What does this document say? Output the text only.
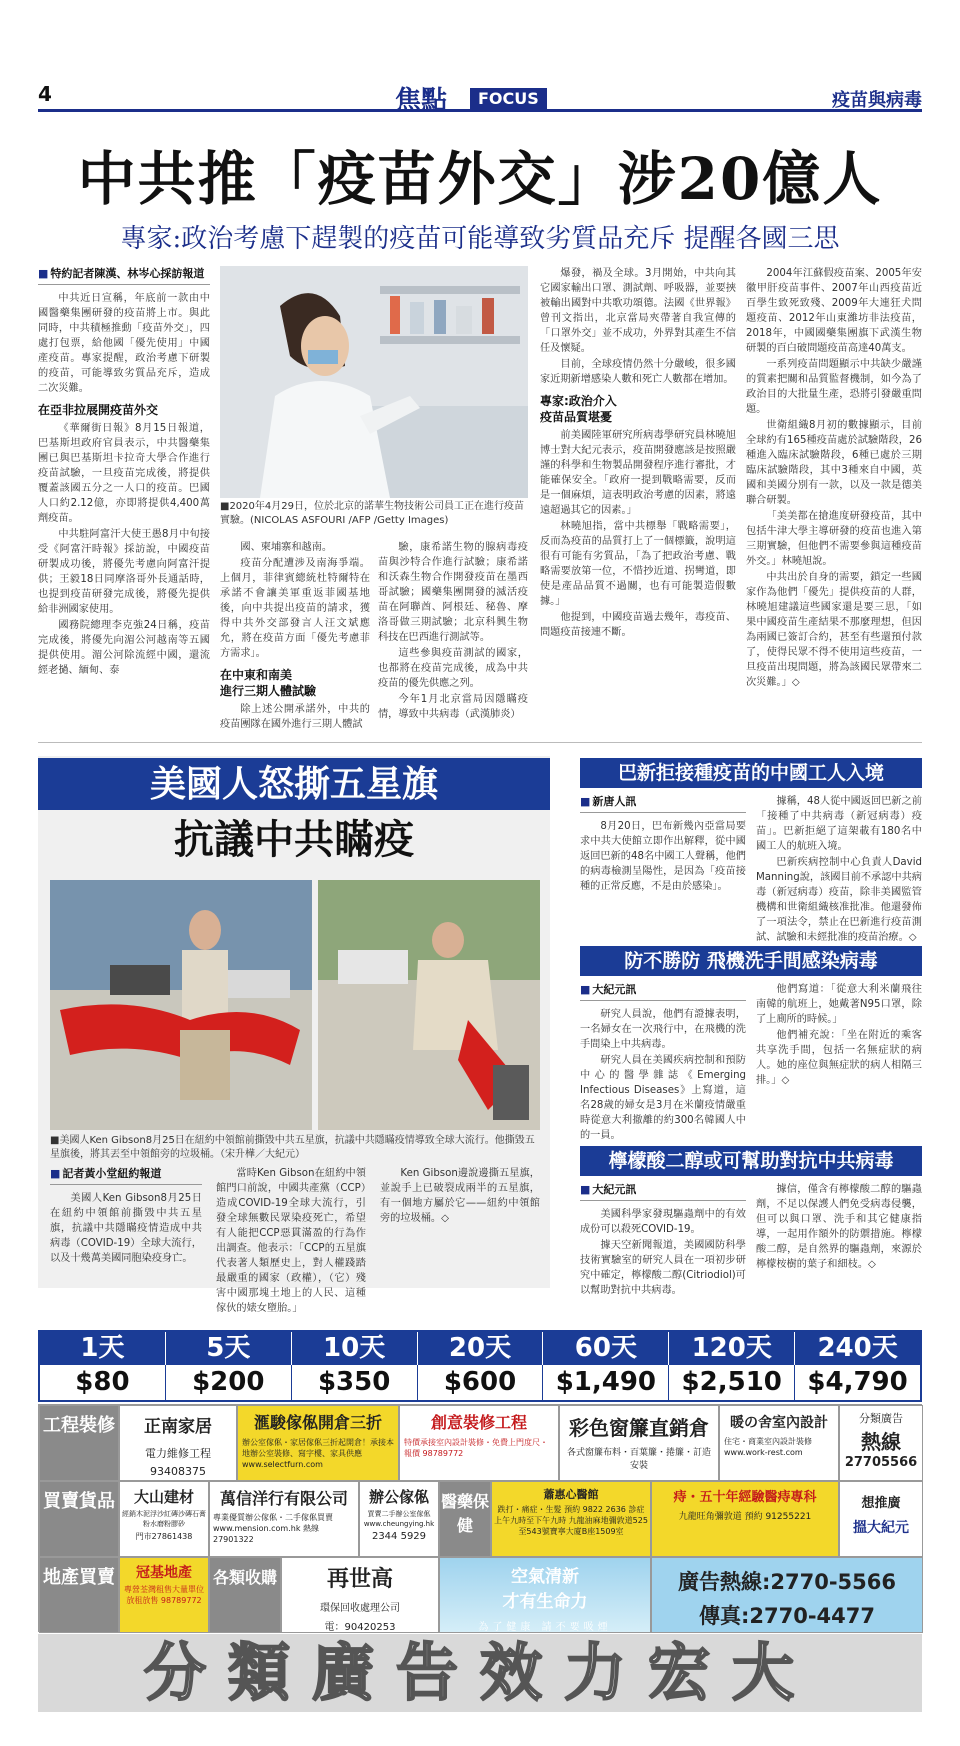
4	焦點	FOCUS	疫苗與病毒
中共推「疫苗外交」涉20億人
專家:政治考慮下趕製的疫苗可能導致劣質品充斥 提醒各國三思
■ 特約記者陳漢、林岑心採訪報道

中共近日宣稱，年底前一款由中國醫藥集團研發的疫苗將上市。與此同時，中共積極推動「疫苗外交」，四處打包票，給他國「優先使用」中國產疫苗。專家提醒，政治考慮下研製的疫苗，可能導致劣質品充斥，造成二次災難。

在亞非拉展開疫苗外交

《華爾街日報》8月15日報道，巴基斯坦政府官員表示，中共醫藥集團已與巴基斯坦卡拉奇大學合作進行疫苗試驗，一旦疫苗完成後，將提供覆蓋該國五分之一人口的疫苗。巴國人口約2.12億，亦即將提供4,400萬劑疫苗。

中共駐阿富汗大使王愚8月中旬接受《阿富汗時報》採訪說，中國疫苗研製成功後，將優先考慮向阿富汗提供；王毅18日同摩洛哥外長通話時，也提到疫苗研發完成後，將優先提供給非洲國家使用。

國務院總理李克強24日稱，疫苗完成後，將優先向湄公河越南等五國提供使用。湄公河除流經中國，還流經老撾、緬甸、泰

■2020年4月29日，位於北京的諾華生物技術公司員工正在進行疫苗實驗。(NICOLAS ASFOURI /AFP /Getty Images)

國、柬埔寨和越南。

疫苗分配遭涉及南海爭端。上個月，菲律賓總統杜特爾特在承諾不會讓美軍重返菲國基地後，向中共提出疫苗的請求，獲得中共外交部發言人汪文斌應允，將在疫苗方面「優先考慮菲方需求」。

在中東和南美
進行三期人體試驗

除上述公開承諾外，中共的疫苗團隊在國外進行三期人體試

驗，康希諾生物的腺病毒疫苗與沙特合作進行試驗；康希諾和沃森生物合作開發疫苗在墨西哥試驗；國藥集團開發的滅活疫苗在阿聯酋、阿根廷、秘魯、摩洛哥做三期試驗；北京科興生物科技在巴西進行測試等。

這些參與疫苗測試的國家，也都將在疫苗完成後，成為中共疫苗的優先供應之列。

今年1月北京當局因隱瞞疫情，導致中共病毒（武漢肺炎）

爆發，禍及全球。3月開始，中共向其它國家輸出口罩、測試劑、呼吸器，並要挾被輸出國對中共歌功頌德。法國《世界報》曾刊文指出，北京當局夾帶著自我宣傳的「口罩外交」並不成功，外界對其產生不信任及懷疑。

目前，全球疫情仍然十分嚴峻，很多國家近期新增感染人數和死亡人數都在增加。

專家:政治介入
疫苗品質堪憂

前美國陸軍研究所病毒學研究員林曉旭博士對大紀元表示，疫苗開發應該是按照嚴謹的科學和生物製品開發程序進行審批，才能確保安全。「政府一提到戰略需要，反而是一個麻煩，這表明政治考慮的因素，將遠遠超過其它的因素。」

林曉旭指，當中共標舉「戰略需要」，反而為疫苗的品質打上了一個標籤，說明這很有可能有劣質品，「為了把政治考慮、戰略需要放第一位，不惜抄近道、拐彎道，即使是產品品質不過關，也有可能製造假數據。」

他提到，中國疫苗過去幾年，毒疫苗、問題疫苗接連不斷。

2004年江蘇假疫苗案、2005年安徽甲肝疫苗事件、2007年山西疫苗近百學生致死致殘、2009年大連狂犬問題疫苗、2012年山東濰坊非法疫苗，2018年，中國國藥集團旗下武漢生物研製的百白破問題疫苗高達40萬支。

一系列疫苗問題顯示中共缺少嚴謹的質素把關和品質監督機制，如今為了政治目的大批量生產，恐將引發嚴重問題。

世衛組織8月初的數據顯示，目前全球約有165種疫苗處於試驗階段，26種進入臨床試驗階段，6種已處於三期臨床試驗階段，其中3種來自中國，英國和美國分別有一款，以及一款是德美聯合研製。

「美美都在搶進度研發疫苗，其中包括牛津大學主導研發的疫苗也進入第三期實驗，但他們不需要參與這種疫苗外交。」林曉旭說。

中共出於自身的需要，鎖定一些國家作為他們「優先」提供疫苗的人群，林曉旭建議這些國家還是要三思，「如果中國疫苗生產結果不那麼理想，但因為兩國已簽訂合約，甚至有些還預付款了，使得民眾不得不使用這些疫苗，一旦疫苗出現問題，將為該國民眾帶來二次災難。」◇

美國人怒撕五星旗
抗議中共瞞疫
■美國人Ken Gibson8月25日在紐約中領館前撕毀中共五星旗，抗議中共隱瞞疫情導致全球大流行。他撕毀五星旗後，將其丟至中領館旁的垃圾桶。（宋升樺／大紀元）
■ 記者黃小堂紐約報道

美國人Ken Gibson8月25日在紐約中領館前撕毀中共五星旗，抗議中共隱瞞疫情造成中共病毒（COVID-19）全球大流行，以及十幾萬美國同胞染疫身亡。

當時Ken Gibson在紐約中領館門口前說，中國共產黨（CCP）造成COVID-19全球大流行，引發全球無數民眾染疫死亡，希望有人能把CCP惡貫滿盈的行為作出調查。他表示：「CCP的五星旗代表著人類歷史上，對人權踐踏最嚴重的國家（政權），（它）殘害中國那塊土地上的人民、這種傢伙的婊女墮胎。」

Ken Gibson邊說邊撕五星旗，並說手上已破裂成兩半的五星旗，有一個地方屬於它——紐約中領館旁的垃圾桶。◇

巴新拒接種疫苗的中國工人入境
■ 新唐人訊

8月20日，巴布新幾內亞當局要求中共大使館立即作出解釋，從中國返回巴新的48名中國工人聲稱，他們的病毒檢測呈陽性，是因為「疫苗接種的正常反應，不是由於感染」。

據稱，48人從中國返回巴新之前「接種了中共病毒（新冠病毒）疫苗」。巴新拒絕了這架載有180名中國工人的航班入境。

巴新疾病控制中心負責人David Manning說，該國目前不承認中共病毒（新冠病毒）疫苗，除非美國監管機構和世衛組織核准批准。他還發佈了一項法令，禁止在巴新進行疫苗測試、試驗和未經批准的疫苗治療。◇

防不勝防 飛機洗手間感染病毒
■ 大紀元訊

研究人員說，他們有證據表明，一名婦女在一次飛行中，在飛機的洗手間染上中共病毒。

研究人員在美國疾病控制和預防中心的醫學雜誌《Emerging Infectious Diseases》上寫道，這名28歲的婦女是3月在米蘭疫情嚴重時從意大利撤離的約300名韓國人中的一員。

他們寫道：「從意大利米蘭飛往南韓的航班上，她戴著N95口罩，除了上廁所的時候。」

他們補充說：「坐在附近的乘客共享洗手間，包括一名無症狀的病人。她的座位與無症狀的病人相隔三排。」◇

檸檬酸二醇或可幫助對抗中共病毒
■ 大紀元訊

美國科學家發現驅蟲劑中的有效成份可以殺死COVID-19。

據天空新聞報道，美國國防科學技術實驗室的研究人員在一項初步研究中確定，檸檬酸二醇(Citriodiol)可以幫助對抗中共病毒。

據信，僅含有檸檬酸二醇的驅蟲劑，不足以保護人們免受病毒侵襲，但可以與口罩、洗手和其它健康指導，一起用作額外的防禦措施。檸檬酸二醇，是自然界的驅蟲劑，來源於檸檬桉樹的葉子和細枝。◇

1天	5天	10天	20天	60天	120天	240天
$80	$200	$350	$600	$1,490 $2,510 $4,790
工程裝修	正南家居
電力維修工程
93408375
滙駿傢俬開倉三折
辦公室傢俬・家居傢俬三折起開倉！承接本地辦公室裝修、寫字樓、家具供應 www.selectfurn.com
創意裝修工程
特價承接室內設計裝修・免費上門度尺・報價 98789772
彩色窗簾直銷倉
各式窗簾布料・百葉簾・捲簾・訂造安裝
暖の舍室內設計
住宅・商業室內設計裝修 www.work-rest.com
分類廣告
熱線
27705566
買賣貨品	大山建材
經銷木泥浮沙紅磚沙磚石膏粉水磨粉膠砂
門市27861438
萬信洋行有限公司
專業優質辦公傢俬・二手傢俬買賣 www.mension.com.hk 熱線27901322
辦公傢俬
買賣二手辦公室傢俬 www.cheungying.hk
2344 5929
醫藥保健
蕭惠心醫館
跌打・痛症・生髮 預約 9822 2636 診症上午九時至下午九時 九龍油麻地彌敦道525至543號寶寧大廈B座1509室
痔・五十年經驗醫痔專科
九龍旺角彌敦道 預約 91255221
想推廣
搵大紀元
地產買賣	冠基地產
專營荃灣租售大量單位放租放售 98789772
各類收購	再世高
環保回收處理公司
電：90420253
空氣清新
才有生命力
為了健康 請不要吸煙
廣告熱線:2770-5566
傳真:2770-4477
分類廣告效力宏大
